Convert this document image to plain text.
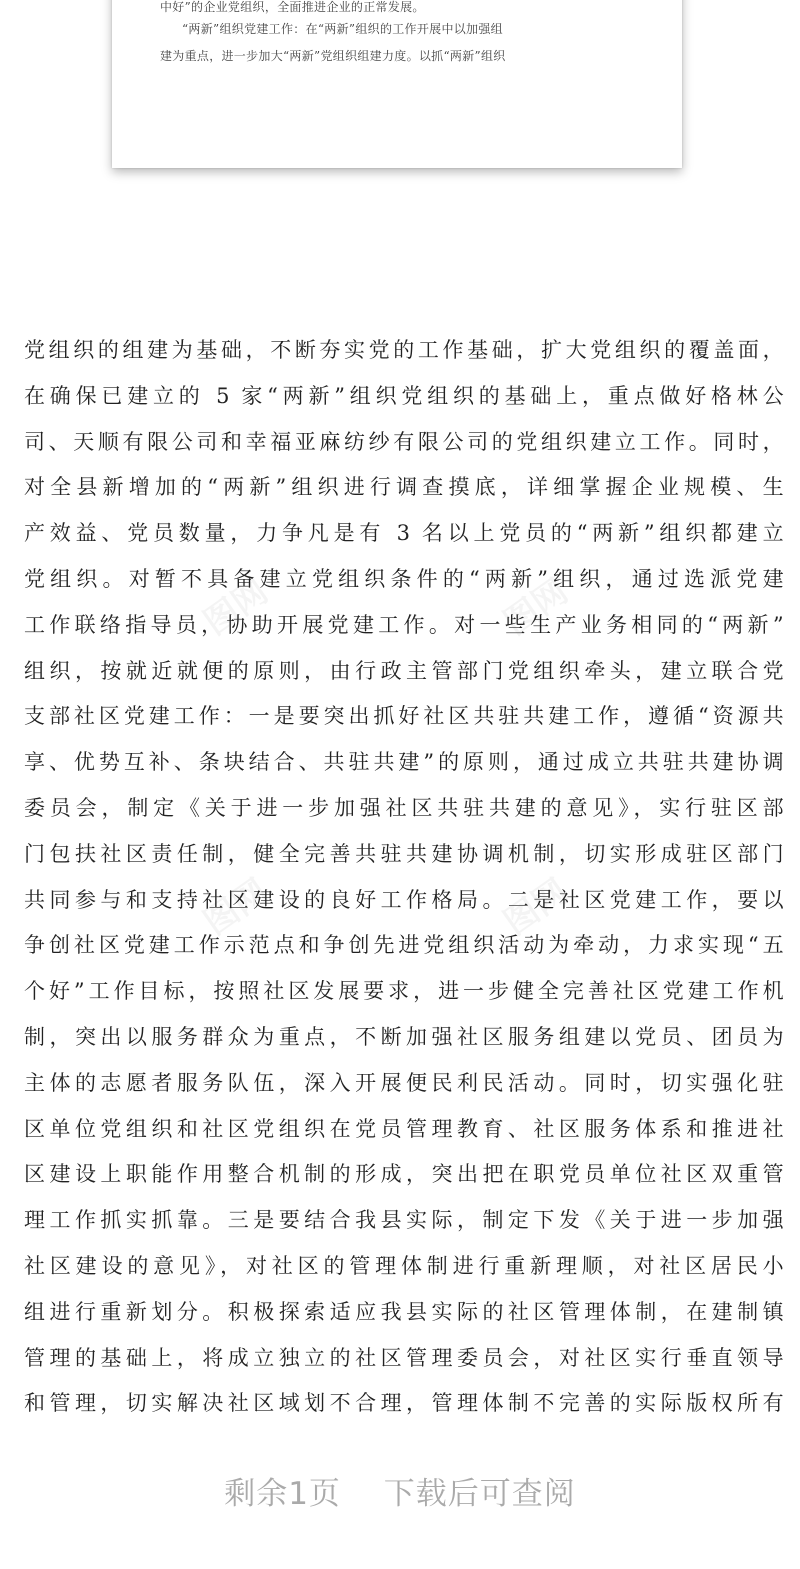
中好”的企业党组织，全面推进企业的正常发展。

“两新”组织党建工作：在“两新”组织的工作开展中以加强组

建为重点，进一步加大“两新”党组织组建力度。以抓“两新”组织

党组织的组建为基础，不断夯实党的工作基础，扩大党组织的覆盖面，
在确保已建立的 5 家“两新”组织党组织的基础上，重点做好格林公
司、天顺有限公司和幸福亚麻纺纱有限公司的党组织建立工作。同时，
对全县新增加的“两新”组织进行调查摸底，详细掌握企业规模、生
产效益、党员数量，力争凡是有 3 名以上党员的“两新”组织都建立
党组织。对暂不具备建立党组织条件的“两新”组织，通过选派党建
工作联络指导员，协助开展党建工作。对一些生产业务相同的“两新”
组织，按就近就便的原则，由行政主管部门党组织牵头，建立联合党
支部社区党建工作：一是要突出抓好社区共驻共建工作，遵循“资源共
享、优势互补、条块结合、共驻共建”的原则，通过成立共驻共建协调
委员会，制定《关于进一步加强社区共驻共建的意见》，实行驻区部
门包扶社区责任制，健全完善共驻共建协调机制，切实形成驻区部门
共同参与和支持社区建设的良好工作格局。二是社区党建工作，要以
争创社区党建工作示范点和争创先进党组织活动为牵动，力求实现“五
个好”工作目标，按照社区发展要求，进一步健全完善社区党建工作机
制，突出以服务群众为重点，不断加强社区服务组建以党员、团员为
主体的志愿者服务队伍，深入开展便民利民活动。同时，切实强化驻
区单位党组织和社区党组织在党员管理教育、社区服务体系和推进社
区建设上职能作用整合机制的形成，突出把在职党员单位社区双重管
理工作抓实抓靠。三是要结合我县实际，制定下发《关于进一步加强
社区建设的意见》，对社区的管理体制进行重新理顺，对社区居民小
组进行重新划分。积极探索适应我县实际的社区管理体制，在建制镇
管理的基础上，将成立独立的社区管理委员会，对社区实行垂直领导
和管理，切实解决社区域划不合理，管理体制不完善的实际版权所有
剩余1页 下载后可查阅
